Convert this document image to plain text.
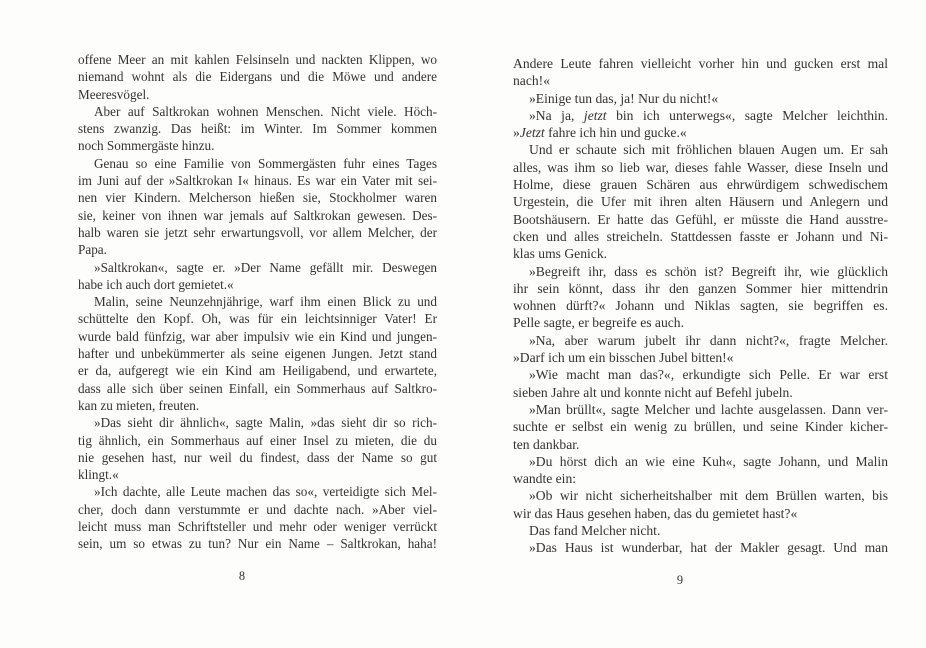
offene Meer an mit kahlen Felsinseln und nackten Klippen, wo
niemand wohnt als die Eidergans und die Möwe und andere
Meeresvögel.
Aber auf Saltkrokan wohnen Menschen. Nicht viele. Höch-
stens zwanzig. Das heißt: im Winter. Im Sommer kommen
noch Sommergäste hinzu.
Genau so eine Familie von Sommergästen fuhr eines Tages
im Juni auf der »Saltkrokan I« hinaus. Es war ein Vater mit sei-
nen vier Kindern. Melcherson hießen sie, Stockholmer waren
sie, keiner von ihnen war jemals auf Saltkrokan gewesen. Des-
halb waren sie jetzt sehr erwartungsvoll, vor allem Melcher, der
Papa.
»Saltkrokan«, sagte er. »Der Name gefällt mir. Deswegen
habe ich auch dort gemietet.«
Malin, seine Neunzehnjährige, warf ihm einen Blick zu und
schüttelte den Kopf. Oh, was für ein leichtsinniger Vater! Er
wurde bald fünfzig, war aber impulsiv wie ein Kind und jungen-
hafter und unbekümmerter als seine eigenen Jungen. Jetzt stand
er da, aufgeregt wie ein Kind am Heiligabend, und erwartete,
dass alle sich über seinen Einfall, ein Sommerhaus auf Saltkro-
kan zu mieten, freuten.
»Das sieht dir ähnlich«, sagte Malin, »das sieht dir so rich-
tig ähnlich, ein Sommerhaus auf einer Insel zu mieten, die du
nie gesehen hast, nur weil du findest, dass der Name so gut
klingt.«
»Ich dachte, alle Leute machen das so«, verteidigte sich Mel-
cher, doch dann verstummte er und dachte nach. »Aber viel-
leicht muss man Schriftsteller und mehr oder weniger verrückt
sein, um so etwas zu tun? Nur ein Name – Saltkrokan, haha!
Andere Leute fahren vielleicht vorher hin und gucken erst mal
nach!«
»Einige tun das, ja! Nur du nicht!«
»Na ja, jetzt bin ich unterwegs«, sagte Melcher leichthin.
»Jetzt fahre ich hin und gucke.«
Und er schaute sich mit fröhlichen blauen Augen um. Er sah
alles, was ihm so lieb war, dieses fahle Wasser, diese Inseln und
Holme, diese grauen Schären aus ehrwürdigem schwedischem
Urgestein, die Ufer mit ihren alten Häusern und Anlegern und
Bootshäusern. Er hatte das Gefühl, er müsste die Hand ausstre-
cken und alles streicheln. Stattdessen fasste er Johann und Ni-
klas ums Genick.
»Begreift ihr, dass es schön ist? Begreift ihr, wie glücklich
ihr sein könnt, dass ihr den ganzen Sommer hier mittendrin
wohnen dürft?« Johann und Niklas sagten, sie begriffen es.
Pelle sagte, er begreife es auch.
»Na, aber warum jubelt ihr dann nicht?«, fragte Melcher.
»Darf ich um ein bisschen Jubel bitten!«
»Wie macht man das?«, erkundigte sich Pelle. Er war erst
sieben Jahre alt und konnte nicht auf Befehl jubeln.
»Man brüllt«, sagte Melcher und lachte ausgelassen. Dann ver-
suchte er selbst ein wenig zu brüllen, und seine Kinder kicher-
ten dankbar.
»Du hörst dich an wie eine Kuh«, sagte Johann, und Malin
wandte ein:
»Ob wir nicht sicherheitshalber mit dem Brüllen warten, bis
wir das Haus gesehen haben, das du gemietet hast?«
Das fand Melcher nicht.
»Das Haus ist wunderbar, hat der Makler gesagt. Und man
8	9
